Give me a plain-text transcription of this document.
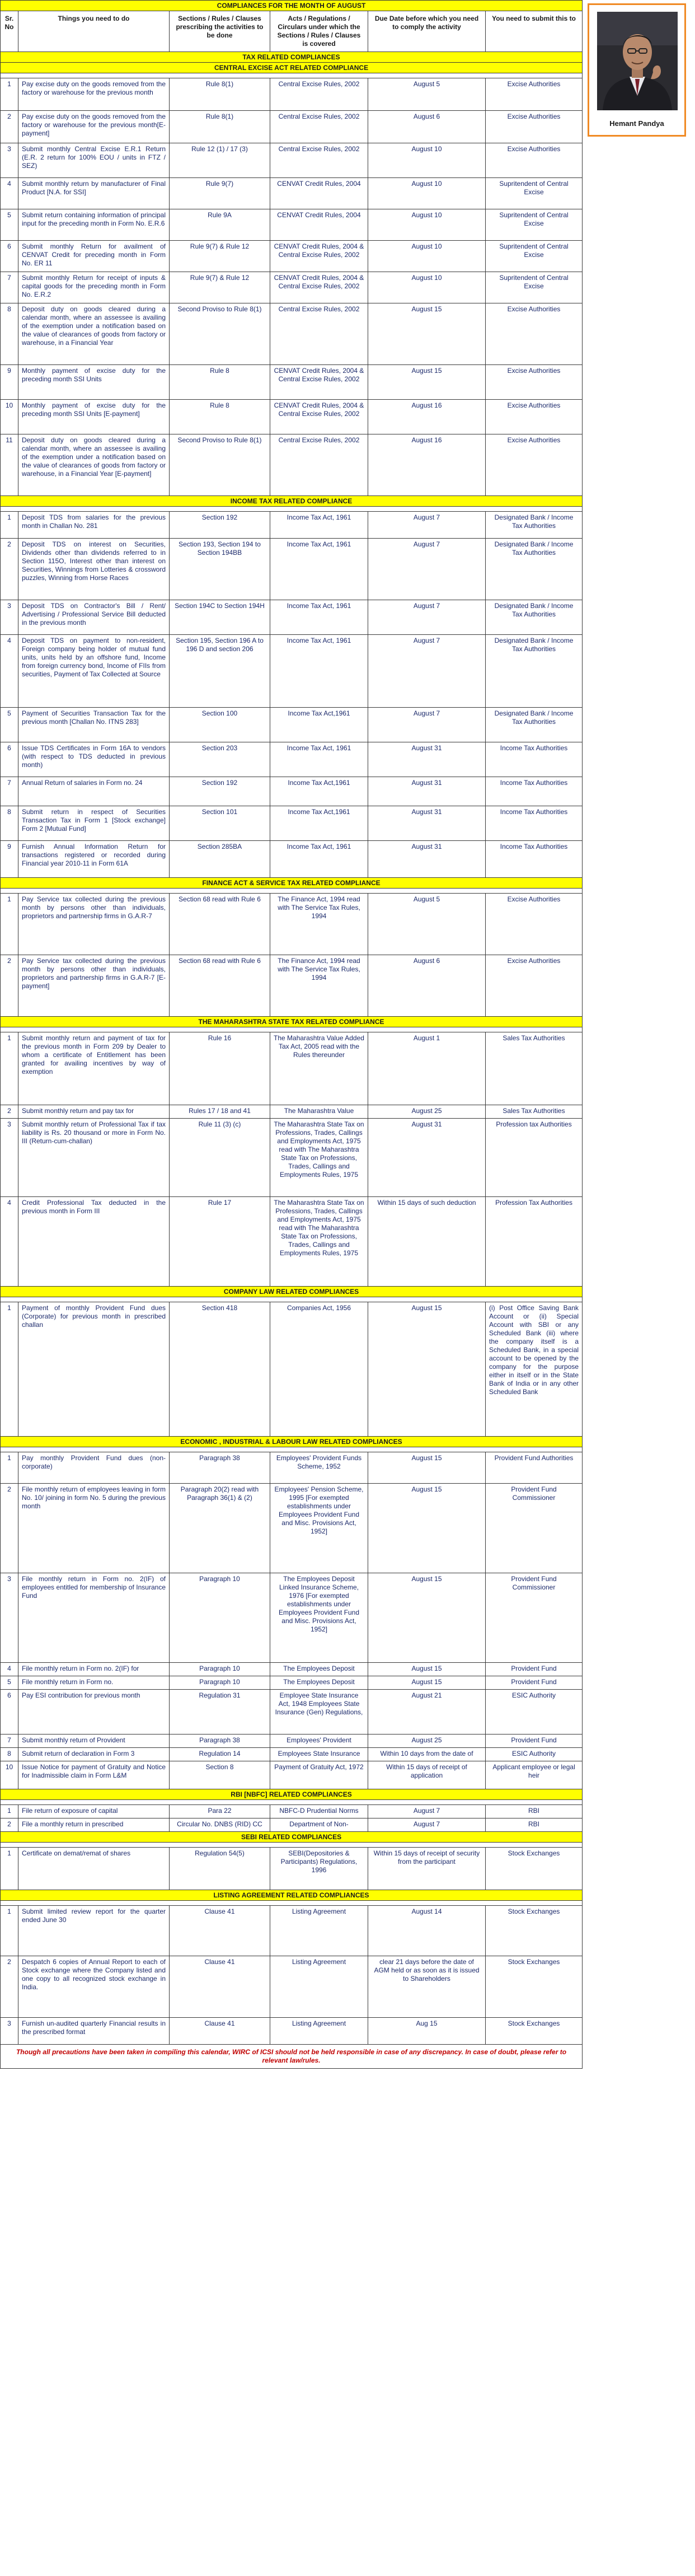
COMPLIANCES FOR THE MONTH OF AUGUST					
Sr. No	Things you need to do	Sections / Rules / Clauses prescribing the activities to be done	Acts / Regulations / Circulars under which the Sections / Rules / Clauses is covered	Due Date before which you need to comply the activity	You need to submit this to
TAX RELATED COMPLIANCES					
CENTRAL EXCISE ACT RELATED COMPLIANCE					

1	Pay excise duty on the goods removed from the factory or warehouse for the previous month	Rule 8(1)	Central Excise Rules, 2002	August 5	Excise Authorities
2	Pay excise duty on the goods removed from the factory or warehouse for the previous month[E- payment]	Rule 8(1)	Central Excise Rules, 2002	August 6	Excise Authorities
3	Submit monthly Central Excise E.R.1 Return (E.R. 2 return for 100% EOU / units in FTZ / SEZ)	Rule 12 (1) / 17 (3)	Central Excise Rules, 2002	August 10	Excise Authorities
4	Submit monthly return by manufacturer of Final Product [N.A. for SSI]	Rule 9(7)	CENVAT Credit Rules, 2004	August 10	Supritendent of Central Excise
5	Submit return containing information of principal input for the preceding month in Form No. E.R.6	Rule 9A	CENVAT Credit Rules, 2004	August 10	Supritendent of Central Excise
6	Submit monthly Return for availment of CENVAT Credit for preceding month in Form No. ER 11	Rule 9(7) & Rule 12	CENVAT Credit Rules, 2004 & Central Excise Rules, 2002	August 10	Supritendent of Central Excise
7	Submit monthly Return for receipt of inputs & capital goods for the preceding month in Form No. E.R.2	Rule 9(7) & Rule 12	CENVAT Credit Rules, 2004 & Central Excise Rules, 2002	August 10	Supritendent of Central Excise
8	Deposit duty on goods cleared during a calendar month, where an assessee is availing of the exemption under a notification based on the value of clearances of goods from factory or warehouse, in a Financial Year	Second Proviso to Rule 8(1)	Central Excise Rules, 2002	August 15	Excise Authorities
9	Monthly payment of excise duty for the preceding month SSI Units	Rule 8	CENVAT Credit Rules, 2004 & Central Excise Rules, 2002	August 15	Excise Authorities
10	Monthly payment of excise duty for the preceding month SSI Units [E-payment]	Rule 8	CENVAT Credit Rules, 2004 & Central Excise Rules, 2002	August 16	Excise Authorities
11	Deposit duty on goods cleared during a calendar month, where an assessee is availing of the exemption under a notification based on the value of clearances of goods from factory or warehouse, in a Financial Year [E-payment]	Second Proviso to Rule 8(1)	Central Excise Rules, 2002	August 16	Excise Authorities
INCOME TAX RELATED COMPLIANCE					

1	Deposit TDS from salaries for the previous month in Challan No. 281	Section 192	Income Tax Act, 1961	August 7	Designated Bank / Income Tax Authorities
2	Deposit TDS on interest on Securities, Dividends other than dividends referred to in Section 115O, Interest other than interest on Securities, Winnings from Lotteries & crossword puzzles, Winning from Horse Races	Section 193, Section 194 to Section 194BB	Income Tax Act, 1961	August 7	Designated Bank / Income Tax Authorities
3	Deposit TDS on Contractor's Bill / Rent/ Advertising / Professional Service Bill deducted in the previous month	Section 194C to Section 194H	Income Tax Act, 1961	August 7	Designated Bank / Income Tax Authorities
4	Deposit TDS on payment to non-resident, Foreign company being holder of mutual fund units, units held by an offshore fund, Income from foreign currency bond, Income of FIIs from securities, Payment of Tax Collected at Source	Section 195, Section 196 A to 196 D and section 206	Income Tax Act, 1961	August 7	Designated Bank / Income Tax Authorities
5	Payment of Securities Transaction Tax for the previous month [Challan No. ITNS 283]	Section 100	Income Tax Act,1961	August 7	Designated Bank / Income Tax Authorities
6	Issue TDS Certificates in Form 16A to vendors (with respect to TDS deducted in previous month)	Section 203	Income Tax Act, 1961	August 31	Income Tax Authorities
7	Annual Return of salaries in Form no. 24	Section 192	Income Tax Act,1961	August 31	Income Tax Authorities
8	Submit return in respect of Securities Transaction Tax in Form 1 [Stock exchange] Form 2 [Mutual Fund]	Section 101	Income Tax Act,1961	August 31	Income Tax Authorities
9	Furnish Annual Information Return for transactions registered or recorded during Financial year 2010-11 in Form 61A	Section 285BA	Income Tax Act, 1961	August 31	Income Tax Authorities
FINANCE ACT & SERVICE TAX RELATED COMPLIANCE					

1	Pay Service tax collected during the previous month by persons other than individuals, proprietors and partnership firms in G.A.R-7	Section 68 read with Rule 6	The Finance Act, 1994 read with The Service Tax Rules, 1994	August 5	Excise Authorities
2	Pay Service tax collected during the previous month by persons other than individuals, proprietors and partnership firms in G.A.R-7 [E-payment]	Section 68 read with Rule 6	The Finance Act, 1994 read with The Service Tax Rules, 1994	August 6	Excise Authorities
THE MAHARASHTRA STATE TAX RELATED COMPLIANCE					

1	Submit monthly return and payment of tax for the previous month in Form 209 by Dealer to whom a certificate of Entitlement has been granted for availing incentives by way of exemption	Rule 16	The Maharashtra Value Added Tax Act, 2005 read with the Rules thereunder	August 1	Sales Tax Authorities
2	Submit monthly return and pay tax for	Rules 17 / 18 and 41	The Maharashtra Value	August 25	Sales Tax Authorities
3	Submit monthly return of Professional Tax if tax liability is Rs. 20 thousand or more in Form No. III (Return-cum-challan)	Rule 11 (3) (c)	The Maharashtra State Tax on Professions, Trades, Callings and Employments Act, 1975 read with The Maharashtra State Tax on Professions, Trades, Callings and Employments Rules, 1975	August 31	Profession tax Authorities
4	Credit Professional Tax deducted in the previous month in Form III	Rule 17	The Maharashtra State Tax on Professions, Trades, Callings and Employments Act, 1975 read with The Maharashtra State Tax on Professions, Trades, Callings and Employments Rules, 1975	Within 15 days of such deduction	Profession Tax Authorities
COMPANY LAW RELATED COMPLIANCES					

1	Payment of monthly Provident Fund dues (Corporate) for previous month in prescribed challan	Section 418	Companies Act, 1956	August 15	(i) Post Office Saving Bank Account or (ii) Special Account with SBI or any Scheduled Bank (iii) where the company itself is a Scheduled Bank, in a special account to be opened by the company for the purpose either in itself or in the State Bank of India or in any other Scheduled Bank
ECONOMIC , INDUSTRIAL & LABOUR LAW RELATED COMPLIANCES					

1	Pay monthly Provident Fund dues (non-corporate)	Paragraph 38	Employees' Provident Funds Scheme, 1952	August 15	Provident Fund Authorities
2	File monthly return of employees leaving in form No. 10/ joining in form No. 5 during the previous month	Paragraph 20(2) read with Paragraph 36(1) & (2)	Employees' Pension Scheme, 1995 [For exempted establishments under Employees Provident Fund and Misc. Provisions Act, 1952]	August 15	Provident Fund Commissioner
3	File monthly return in Form no. 2(IF) of employees entitled for membership of Insurance Fund	Paragraph 10	The Employees Deposit Linked Insurance Scheme, 1976 [For exempted establishments under Employees Provident Fund and Misc. Provisions Act, 1952]	August 15	Provident Fund Commissioner
4	File monthly return in Form no. 2(IF) for	Paragraph 10	The Employees Deposit	August 15	Provident Fund
5	File monthly return in Form no.	Paragraph 10	The Employees Deposit	August 15	Provident Fund
6	Pay ESI contribution for previous month	Regulation 31	Employee State Insurance Act, 1948 Employees State Insurance (Gen) Regulations,	August 21	ESIC Authority
7	Submit monthly return of Provident	Paragraph 38	Employees' Provident	August 25	Provident Fund
8	Submit return of declaration in Form 3	Regulation 14	Employees State Insurance	Within 10 days from the date of	ESIC Authority
10	Issue Notice for payment of Gratuity and Notice for Inadmissible claim in Form L&M	Section 8	Payment of Gratuity Act, 1972	Within 15 days of receipt of application	Applicant employee or legal heir
RBI [NBFC] RELATED COMPLIANCES					

1	File return of exposure of capital	Para 22	NBFC-D Prudential Norms	August 7	RBI
2	File a monthly return in prescribed	Circular No. DNBS (RID) CC	Department of Non-	August 7	RBI
SEBI RELATED COMPLIANCES					

1	Certificate on demat/remat of shares	Regulation 54(5)	SEBI(Depositories & Participants) Regulations, 1996	Within 15 days of receipt of security from the participant	Stock Exchanges
LISTING AGREEMENT RELATED COMPLIANCES					

1	Submit limited review report for the quarter ended June 30	Clause 41	Listing Agreement	August 14	Stock Exchanges
2	Despatch 6 copies of Annual Report to each of Stock exchange where the Company listed and one copy to all recognized stock exchange in India.	Clause 41	Listing Agreement	clear 21 days before the date of AGM held or as soon as it is issued to Shareholders	Stock Exchanges
3	Furnish un-audited quarterly Financial results in the prescribed format	Clause 41	Listing Agreement	Aug 15	Stock Exchanges
Though all precautions have been taken in compiling this calendar, WIRC of ICSI should not be held responsible in case of any discrepancy. In case of doubt, please refer to relevant law/rules.					
Hemant Pandya
